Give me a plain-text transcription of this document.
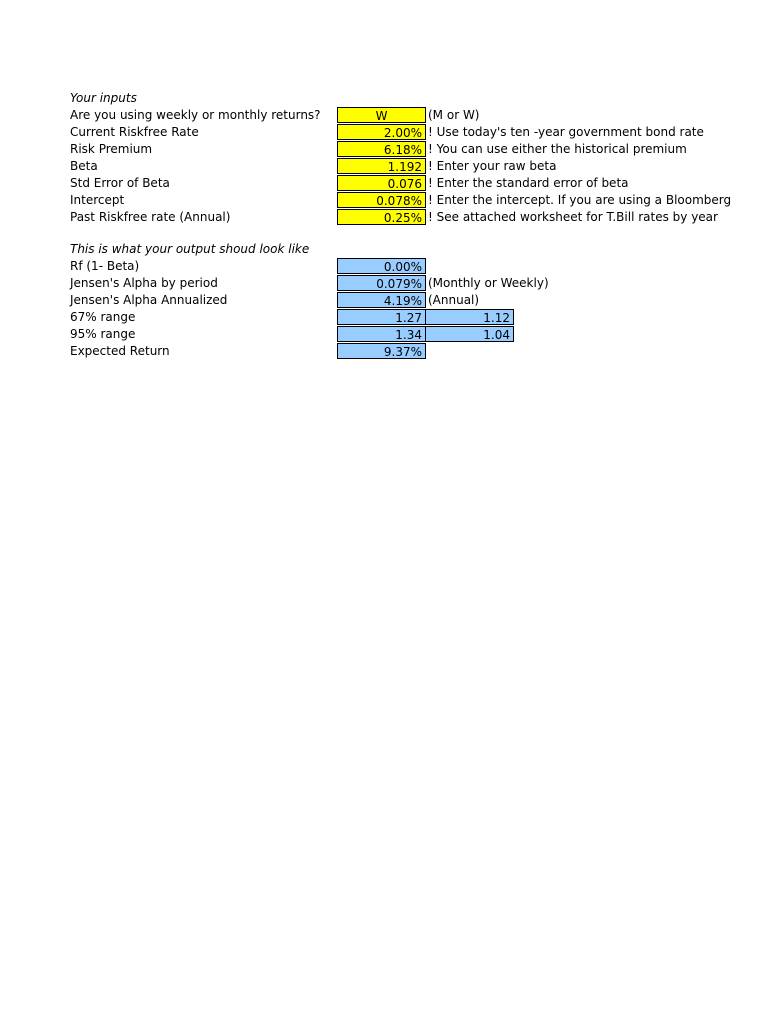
Your inputs
Are you using weekly or monthly returns?	W	(M or W)
Current Riskfree Rate	2.00% ! Use today's ten -year government bond rate
Risk Premium	6.18% ! You can use either the historical premium
Beta	1.192 ! Enter your raw beta
Std Error of Beta	0.076 ! Enter the standard error of beta
Intercept	0.078% ! Enter the intercept. If you are using a Bloomberg
Past Riskfree rate (Annual)	0.25% ! See attached worksheet for T.Bill rates by year
This is what your output shoud look like
Rf (1- Beta)	0.00%
Jensen's Alpha by period	0.079% (Monthly or Weekly)
Jensen's Alpha Annualized	4.19% (Annual)
67% range	1.27	1.12
95% range	1.34	1.04
Expected Return	9.37%
